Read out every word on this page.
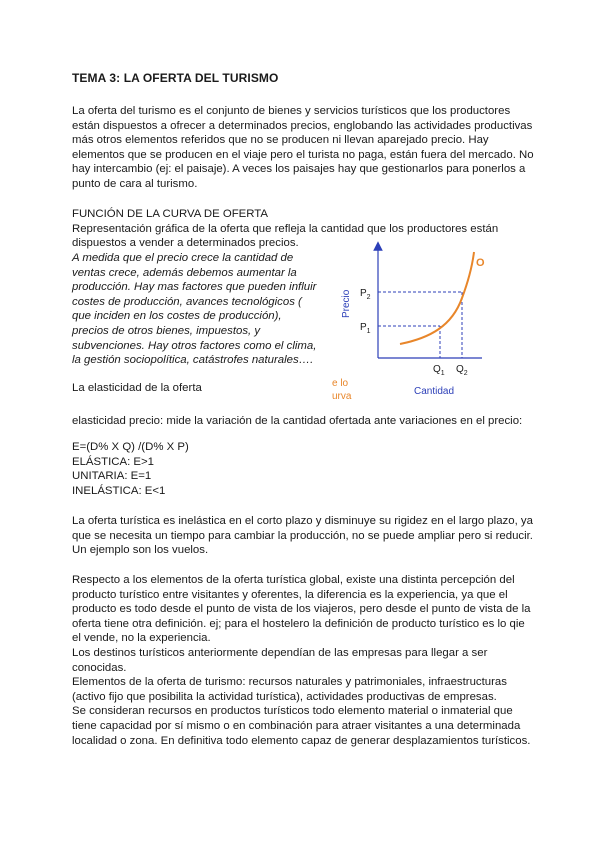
TEMA 3: LA OFERTA DEL TURISMO

La oferta del turismo es el conjunto de bienes y servicios turísticos que los productores están dispuestos a ofrecer a determinados precios, englobando las actividades productivas más otros elementos referidos que no se producen ni llevan aparejado precio. Hay elementos que se producen en el viaje pero el turista no paga, están fuera del mercado. No hay intercambio (ej: el paisaje). A veces los paisajes hay que gestionarlos para ponerlos a punto de cara al turismo.

FUNCIÓN DE LA CURVA DE OFERTA

Representación gráfica de la oferta que refleja la cantidad que los productores están

dispuestos a vender a determinados precios.

A medida que el precio crece la cantidad de

ventas crece, además debemos aumentar la

producción. Hay mas factores que pueden influir

costes de producción, avances tecnológicos (

que inciden en los costes de producción),

precios de otros bienes, impuestos, y

subvenciones. Hay otros factores como el clima,

la gestión sociopolítica, catástrofes naturales….

La elasticidad de la oferta
O
Precio $P_2$
$P_1$
$Q_1$ $Q_2$
Cantidad
e lo
urva

elasticidad precio: mide la variación de la cantidad ofertada ante variaciones en el precio:

E=(D% X Q) /(D% X P)

ELÁSTICA: E>1

UNITARIA: E=1

INELÁSTICA: E<1

La oferta turística es inelástica en el corto plazo y disminuye su rigidez en el largo plazo, ya que se necesita un tiempo para cambiar la producción, no se puede ampliar pero si reducir. Un ejemplo son los vuelos.

Respecto a los elementos de la oferta turística global, existe una distinta percepción del producto turístico entre visitantes y oferentes, la diferencia es la experiencia, ya que el producto es todo desde el punto de vista de los viajeros, pero desde el punto de vista de la oferta tiene otra definición. ej; para el hostelero la definición de producto turístico es lo qie el vende, no la experiencia.

Los destinos turísticos anteriormente dependían de las empresas para llegar a ser conocidas.

Elementos de la oferta de turismo: recursos naturales y patrimoniales, infraestructuras (activo fijo que posibilita la actividad turística), actividades productivas de empresas.

Se consideran recursos en productos turísticos todo elemento material o inmaterial que tiene capacidad por sí mismo o en combinación para atraer visitantes a una determinada localidad o zona. En definitiva todo elemento capaz de generar desplazamientos turísticos.
